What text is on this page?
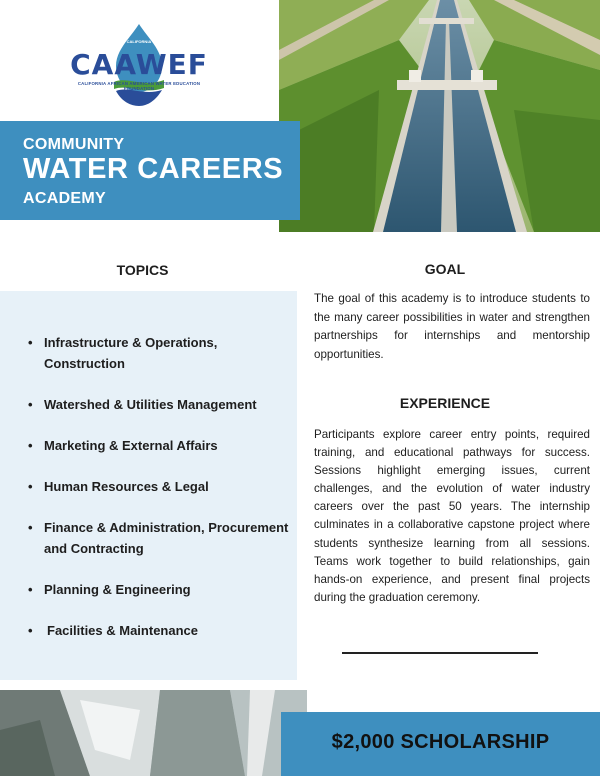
CALIFORNIA
CAAWEF
CALIFORNIA AFRICAN AMERICAN WATER EDUCATION FOUNDATION
COMMUNITY
WATER CAREERS
ACADEMY
TOPICS
• Infrastructure & Operations, Construction
• Watershed & Utilities Management
• Marketing & External Affairs
• Human Resources & Legal
• Finance & Administration, Procurement and Contracting
• Planning & Engineering
• Facilities & Maintenance
GOAL
The goal of this academy is to introduce students to the many career possibilities in water and strengthen partnerships for internships and mentorship opportunities.
EXPERIENCE
Participants explore career entry points, required training, and educational pathways for success. Sessions highlight emerging issues, current challenges, and the evolution of water industry careers over the past 50 years. The internship culminates in a collaborative capstone project where students synthesize learning from all sessions. Teams work together to build relationships, gain hands-on experience, and present final projects during the graduation ceremony.
$2,000 SCHOLARSHIP
